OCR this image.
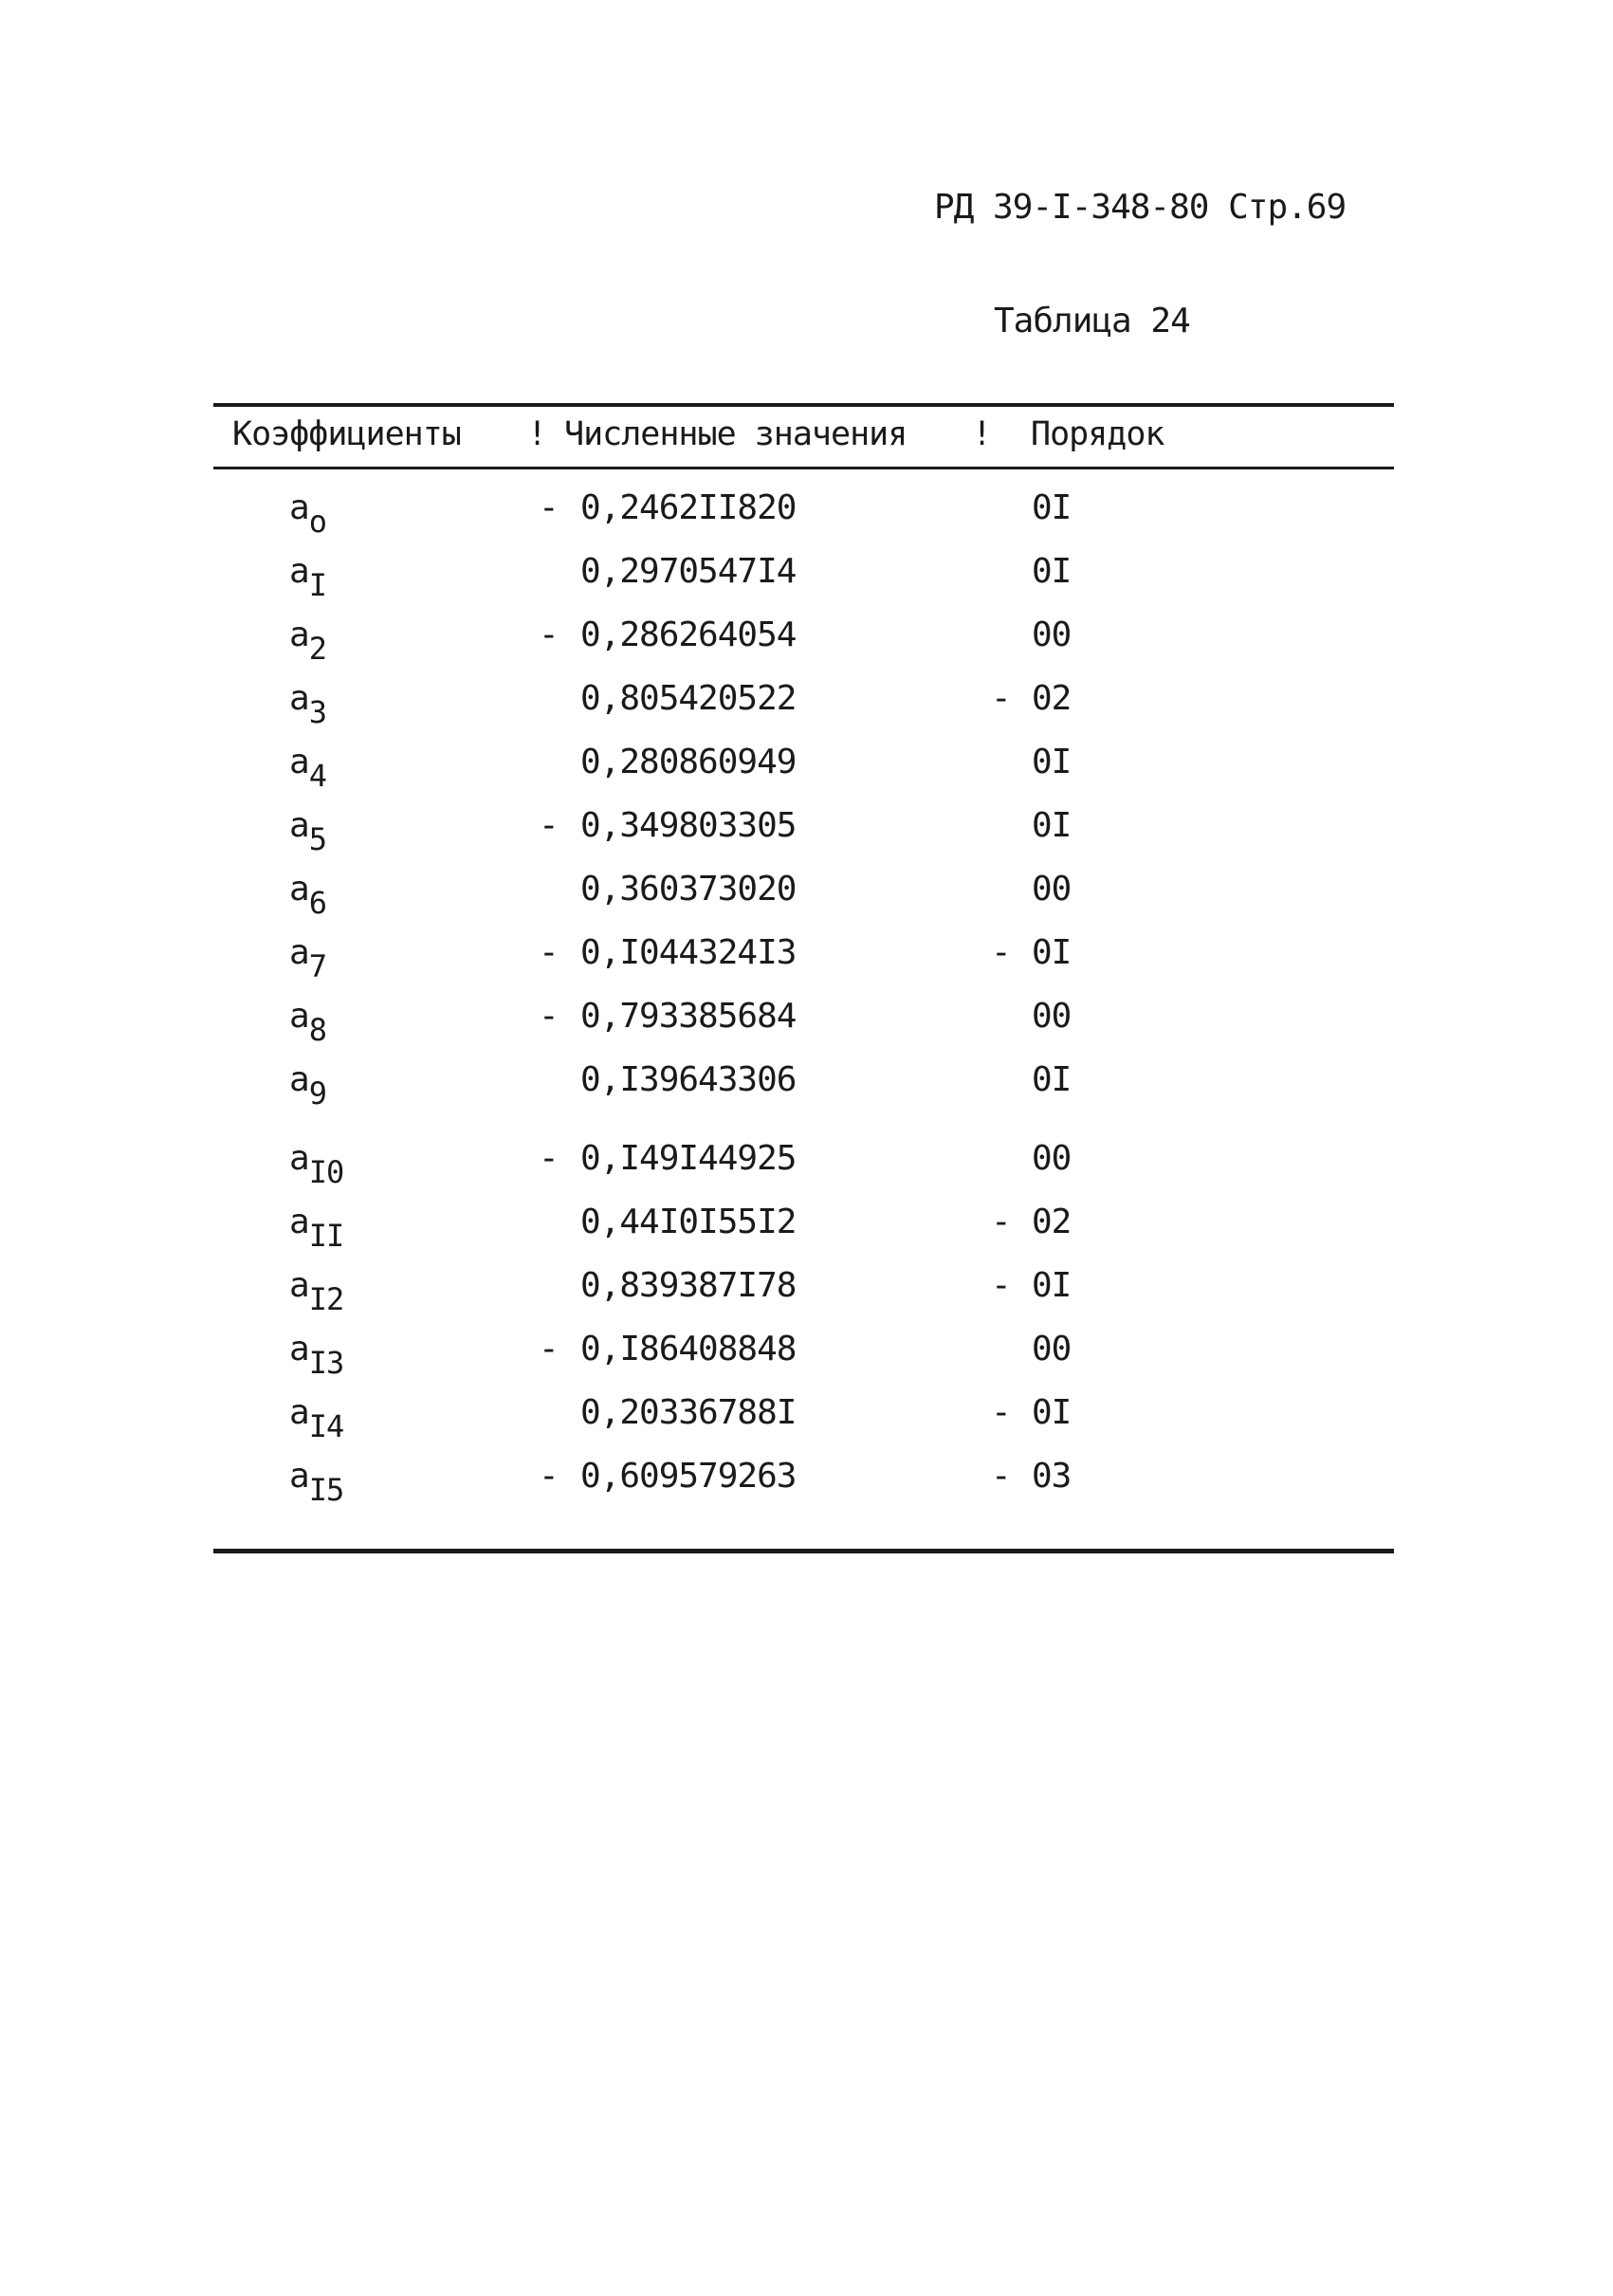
РД 39-I-348-80 Стр.69
Таблица 24
Коэффициенты ! Численные значения ! Порядок
ao	- 0,2462II820	0I
aI	0,2970547I4	0I
a2	- 0,286264054	00
a3	0,805420522	- 02
a4	0,280860949	0I
a5	- 0,349803305	0I
a6	0,360373020	00
a7	- 0,I044324I3	- 0I
a8	- 0,793385684	00
a9	0,I39643306	0I
aI0	- 0,I49I44925	00
aII	0,44I0I55I2	- 02
aI2	0,839387I78	- 0I
aI3	- 0,I86408848	00
aI4	0,20336788I	- 0I
aI5	- 0,609579263	- 03
